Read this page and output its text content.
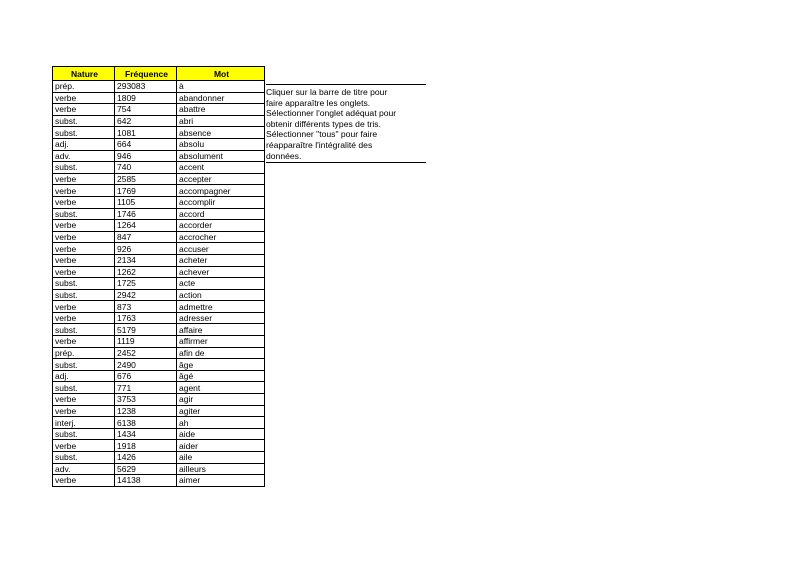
Nature	Fréquence	Mot
prép.	293083	à
verbe	1809	abandonner
verbe	754	abattre
subst.	642	abri
subst.	1081	absence
adj.	664	absolu
adv.	946	absolument
subst.	740	accent
verbe	2585	accepter
verbe	1769	accompagner
verbe	1105	accomplir
subst.	1746	accord
verbe	1264	accorder
verbe	847	accrocher
verbe	926	accuser
verbe	2134	acheter
verbe	1262	achever
subst.	1725	acte
subst.	2942	action
verbe	873	admettre
verbe	1763	adresser
subst.	5179	affaire
verbe	1119	affirmer
prép.	2452	afin de
subst.	2490	âge
adj.	676	âgé
subst.	771	agent
verbe	3753	agir
verbe	1238	agiter
interj.	6138	ah
subst.	1434	aide
verbe	1918	aider
subst.	1426	aile
adv.	5629	ailleurs
verbe	14138	aimer

Cliquer sur la barre de titre pour

faire apparaître les onglets.

Sélectionner l'onglet adéquat pour

obtenir différents types de tris.

Sélectionner "tous" pour faire

réapparaître l'intégralité des

données.
